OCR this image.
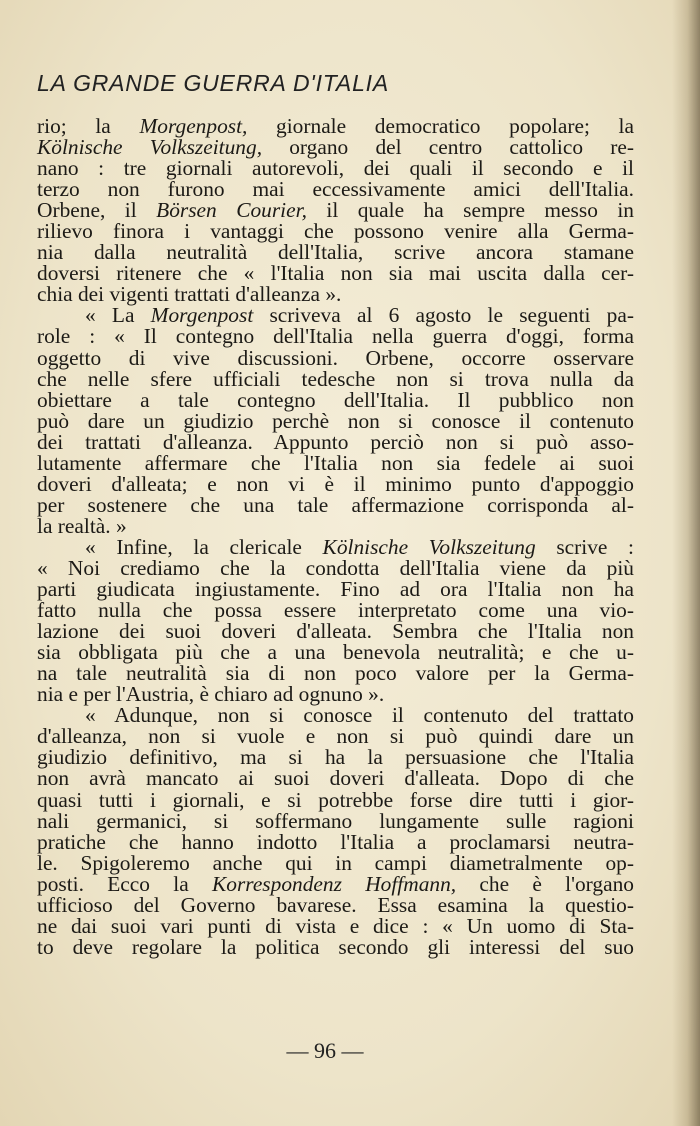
LA GRANDE GUERRA D'ITALIA
rio; la Morgenpost, giornale democratico popolare; la
Kölnische Volkszeitung, organo del centro cattolico re-
nano : tre giornali autorevoli, dei quali il secondo e il
terzo non furono mai eccessivamente amici dell'Italia.
Orbene, il Börsen Courier, il quale ha sempre messo in
rilievo finora i vantaggi che possono venire alla Germa-
nia dalla neutralità dell'Italia, scrive ancora stamane
doversi ritenere che « l'Italia non sia mai uscita dalla cer-
chia dei vigenti trattati d'alleanza ».
« La Morgenpost scriveva al 6 agosto le seguenti pa-
role : « Il contegno dell'Italia nella guerra d'oggi, forma
oggetto di vive discussioni. Orbene, occorre osservare
che nelle sfere ufficiali tedesche non si trova nulla da
obiettare a tale contegno dell'Italia. Il pubblico non
può dare un giudizio perchè non si conosce il contenuto
dei trattati d'alleanza. Appunto perciò non si può asso-
lutamente affermare che l'Italia non sia fedele ai suoi
doveri d'alleata; e non vi è il minimo punto d'appoggio
per sostenere che una tale affermazione corrisponda al-
la realtà. »
« Infine, la clericale Kölnische Volkszeitung scrive :
« Noi crediamo che la condotta dell'Italia viene da più
parti giudicata ingiustamente. Fino ad ora l'Italia non ha
fatto nulla che possa essere interpretato come una vio-
lazione dei suoi doveri d'alleata. Sembra che l'Italia non
sia obbligata più che a una benevola neutralità; e che u-
na tale neutralità sia di non poco valore per la Germa-
nia e per l'Austria, è chiaro ad ognuno ».
« Adunque, non si conosce il contenuto del trattato
d'alleanza, non si vuole e non si può quindi dare un
giudizio definitivo, ma si ha la persuasione che l'Italia
non avrà mancato ai suoi doveri d'alleata. Dopo di che
quasi tutti i giornali, e si potrebbe forse dire tutti i gior-
nali germanici, si soffermano lungamente sulle ragioni
pratiche che hanno indotto l'Italia a proclamarsi neutra-
le. Spigoleremo anche qui in campi diametralmente op-
posti. Ecco la Korrespondenz Hoffmann, che è l'organo
ufficioso del Governo bavarese. Essa esamina la questio-
ne dai suoi vari punti di vista e dice : « Un uomo di Sta-
to deve regolare la politica secondo gli interessi del suo

— 96 —
